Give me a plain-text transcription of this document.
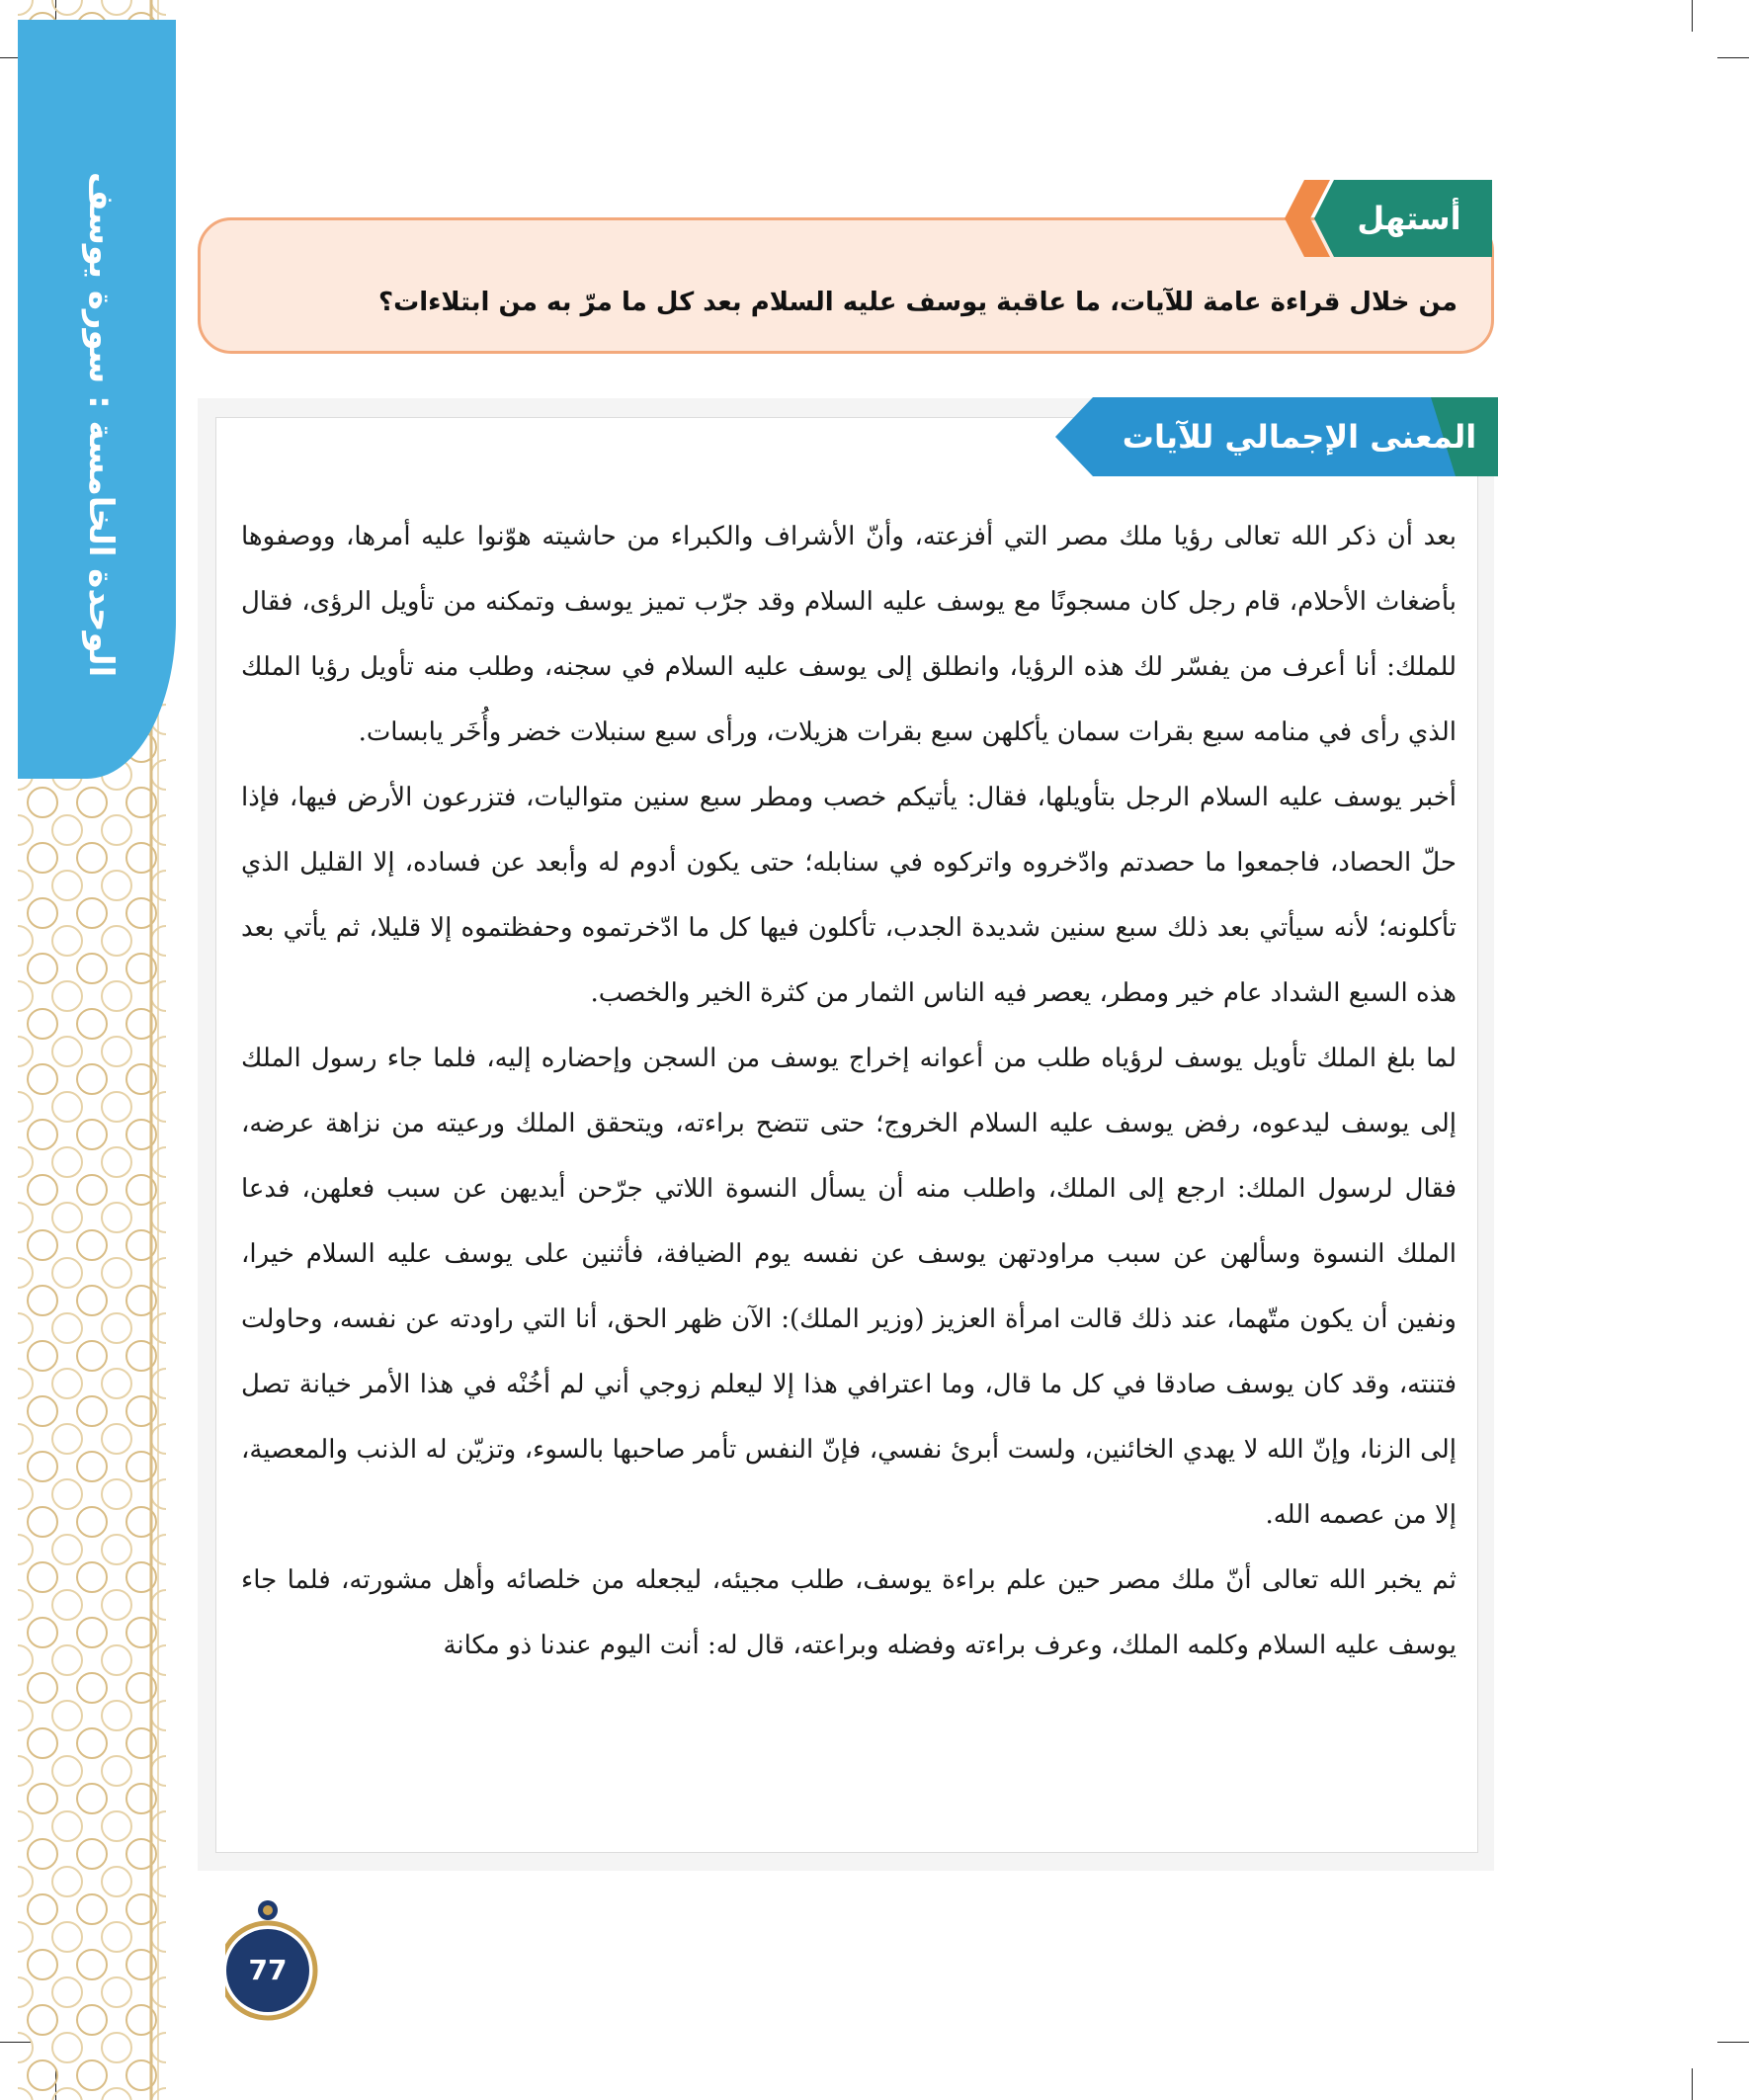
الوحدة الخامسة : سورة يوسف	من خلال قراءة عامة للآيات، ما عاقبة يوسف عليه السلام بعد كل ما مرّ به من ابتلاءات؟
أستهل
المعنى الإجمالي للآيات

بعد أن ذكر الله تعالى رؤيا ملك مصر التي أفزعته، وأنّ الأشراف والكبراء من حاشيته هوّنوا عليه أمرها، ووصفوها بأضغاث الأحلام، قام رجل كان مسجونًا مع يوسف عليه السلام وقد جرّب تميز يوسف وتمكنه من تأويل الرؤى، فقال للملك: أنا أعرف من يفسّر لك هذه الرؤيا، وانطلق إلى يوسف عليه السلام في سجنه، وطلب منه تأويل رؤيا الملك الذي رأى في منامه سبع بقرات سمان يأكلهن سبع بقرات هزيلات، ورأى سبع سنبلات خضر وأُخَر يابسات.

أخبر يوسف عليه السلام الرجل بتأويلها، فقال: يأتيكم خصب ومطر سبع سنين متواليات، فتزرعون الأرض فيها، فإذا حلّ الحصاد، فاجمعوا ما حصدتم وادّخروه واتركوه في سنابله؛ حتى يكون أدوم له وأبعد عن فساده، إلا القليل الذي تأكلونه؛ لأنه سيأتي بعد ذلك سبع سنين شديدة الجدب، تأكلون فيها كل ما ادّخرتموه وحفظتموه إلا قليلا، ثم يأتي بعد هذه السبع الشداد عام خير ومطر، يعصر فيه الناس الثمار من كثرة الخير والخصب.

لما بلغ الملك تأويل يوسف لرؤياه طلب من أعوانه إخراج يوسف من السجن وإحضاره إليه، فلما جاء رسول الملك إلى يوسف ليدعوه، رفض يوسف عليه السلام الخروج؛ حتى تتضح براءته، ويتحقق الملك ورعيته من نزاهة عرضه، فقال لرسول الملك: ارجع إلى الملك، واطلب منه أن يسأل النسوة اللاتي جرّحن أيديهن عن سبب فعلهن، فدعا الملك النسوة وسألهن عن سبب مراودتهن يوسف عن نفسه يوم الضيافة، فأثنين على يوسف عليه السلام خيرا، ونفين أن يكون متّهما، عند ذلك قالت امرأة العزيز (وزير الملك): الآن ظهر الحق، أنا التي راودته عن نفسه، وحاولت فتنته، وقد كان يوسف صادقا في كل ما قال، وما اعترافي هذا إلا ليعلم زوجي أني لم أخُنْه في هذا الأمر خيانة تصل إلى الزنا، وإنّ الله لا يهدي الخائنين، ولست أبرئ نفسي، فإنّ النفس تأمر صاحبها بالسوء، وتزيّن له الذنب والمعصية، إلا من عصمه الله.

ثم يخبر الله تعالى أنّ ملك مصر حين علم براءة يوسف، طلب مجيئه، ليجعله من خلصائه وأهل مشورته، فلما جاء يوسف عليه السلام وكلمه الملك، وعرف براءته وفضله وبراعته، قال له: أنت اليوم عندنا ذو مكانة

77
